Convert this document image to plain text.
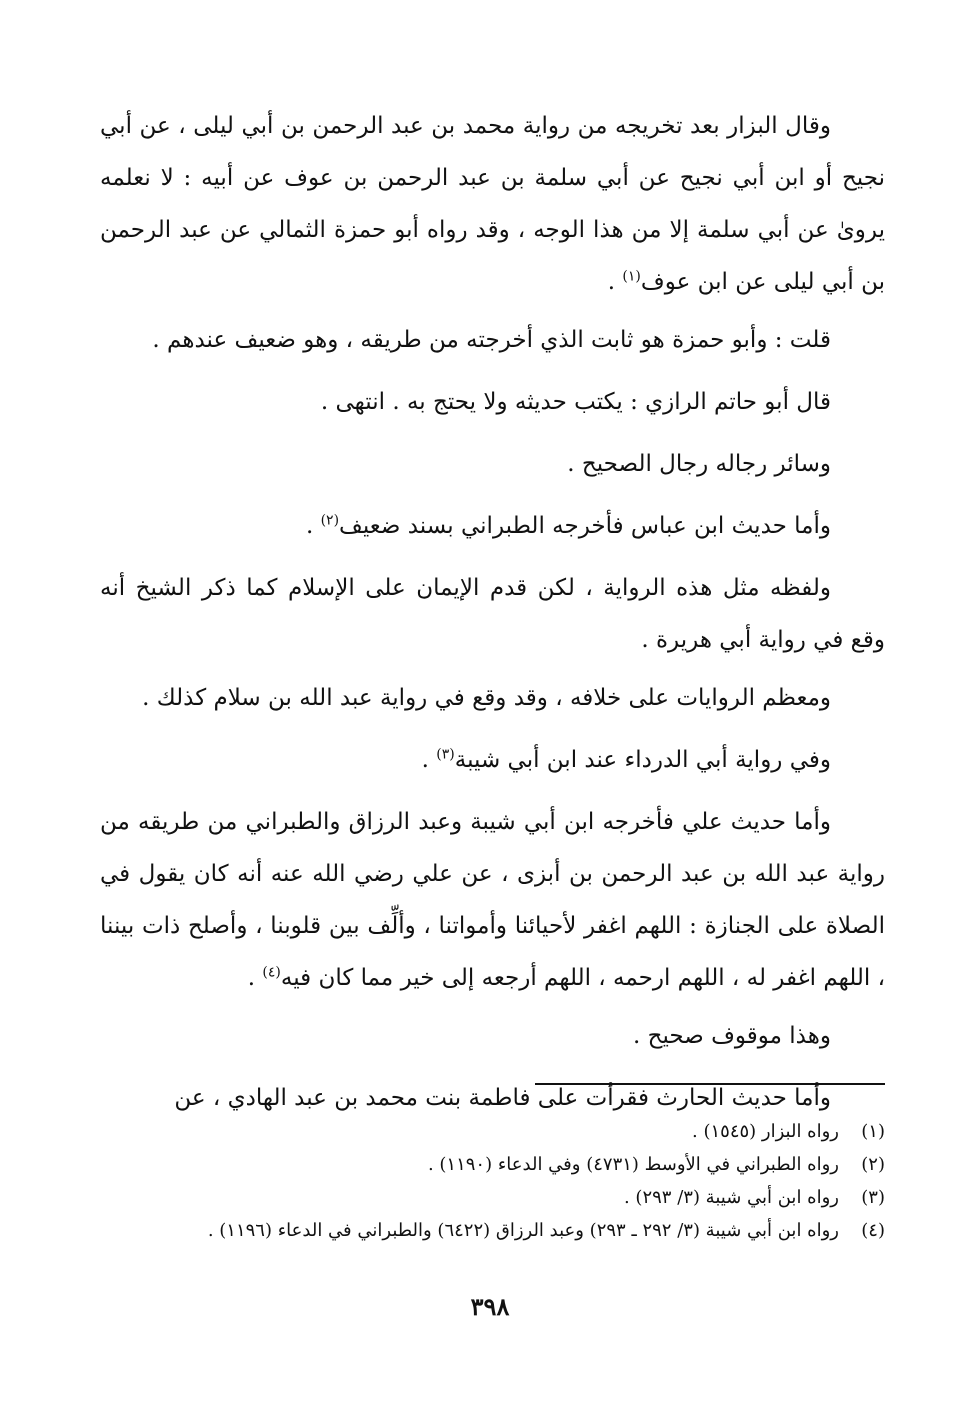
وقال البزار بعد تخريجه من رواية محمد بن عبد الرحمن بن أبي ليلى ، عن أبي نجيح أو ابن أبي نجيح عن أبي سلمة بن عبد الرحمن بن عوف عن أبيه : لا نعلمه يروىٰ عن أبي سلمة إلا من هذا الوجه ، وقد رواه أبو حمزة الثمالي عن عبد الرحمن بن أبي ليلى عن ابن عوف$^{(١)}$ .

قلت : وأبو حمزة هو ثابت الذي أخرجته من طريقه ، وهو ضعيف عندهم .

قال أبو حاتم الرازي : يكتب حديثه ولا يحتج به . انتهى .

وسائر رجاله رجال الصحيح .

وأما حديث ابن عباس فأخرجه الطبراني بسند ضعيف$^{(٢)}$ .

ولفظه مثل هذه الرواية ، لكن قدم الإيمان على الإسلام كما ذكر الشيخ أنه وقع في رواية أبي هريرة .

ومعظم الروايات على خلافه ، وقد وقع في رواية عبد الله بن سلام كذلك .

وفي رواية أبي الدرداء عند ابن أبي شيبة$^{(٣)}$ .

وأما حديث علي فأخرجه ابن أبي شيبة وعبد الرزاق والطبراني من طريقه من رواية عبد الله بن عبد الرحمن بن أبزى ، عن علي رضي الله عنه أنه كان يقول في الصلاة على الجنازة : اللهم اغفر لأحيائنا وأمواتنا ، وألِّف بين قلوبنا ، وأصلح ذات بيننا ، اللهم اغفر له ، اللهم ارحمه ، اللهم أرجعه إلى خير مما كان فيه$^{(٤)}$ .

وهذا موقوف صحيح .

وأما حديث الحارث فقرأت على فاطمة بنت محمد بن عبد الهادي ، عن

(١)
رواه البزار (١٥٤٥) .
(٢)
رواه الطبراني في الأوسط (٤٧٣١) وفي الدعاء (١١٩٠) .
(٣)
رواه ابن أبي شيبة (٣/ ٢٩٣) .
(٤)
رواه ابن أبي شيبة (٣/ ٢٩٢ ـ ٢٩٣) وعبد الرزاق (٦٤٢٢) والطبراني في الدعاء (١١٩٦) .
٣٩٨
